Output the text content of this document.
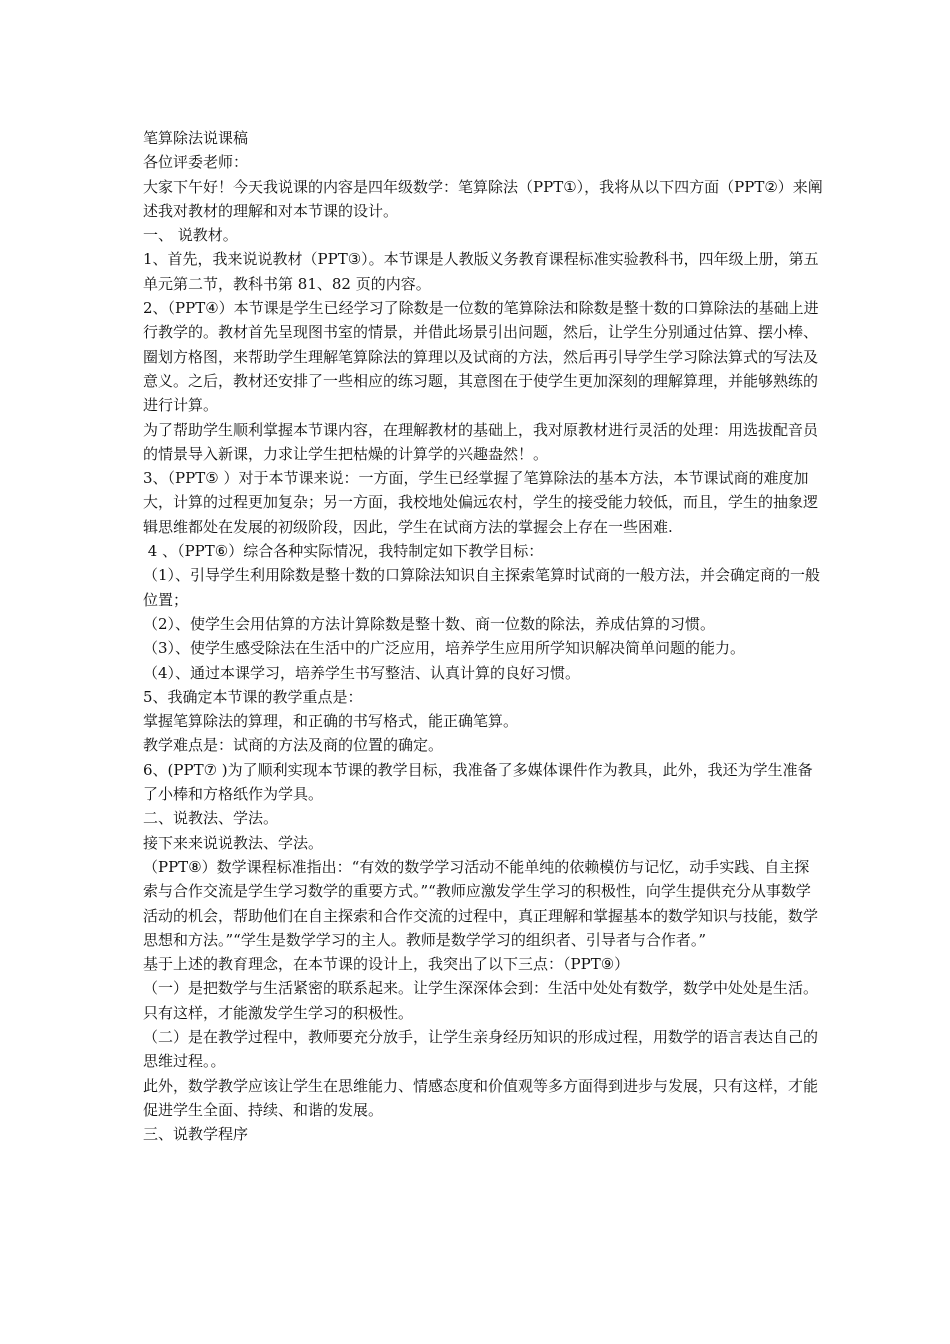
笔算除法说课稿

各位评委老师：

大家下午好！今天我说课的内容是四年级数学：笔算除法（PPT①），我将从以下四方面（PPT②）来阐述我对教材的理解和对本节课的设计。

一、 说教材。

1、首先，我来说说教材（PPT③）。本节课是人教版义务教育课程标准实验教科书，四年级上册，第五单元第二节，教科书第 81、82 页的内容。

2、（PPT④）本节课是学生已经学习了除数是一位数的笔算除法和除数是整十数的口算除法的基础上进行教学的。教材首先呈现图书室的情景，并借此场景引出问题，然后，让学生分别通过估算、摆小棒、圈划方格图，来帮助学生理解笔算除法的算理以及试商的方法，然后再引导学生学习除法算式的写法及意义。之后，教材还安排了一些相应的练习题，其意图在于使学生更加深刻的理解算理，并能够熟练的进行计算。

为了帮助学生顺利掌握本节课内容，在理解教材的基础上，我对原教材进行灵活的处理：用选拔配音员的情景导入新课，力求让学生把枯燥的计算学的兴趣盎然！。

3、（PPT⑤ ）对于本节课来说：一方面，学生已经掌握了笔算除法的基本方法，本节课试商的难度加大，计算的过程更加复杂；另一方面，我校地处偏远农村，学生的接受能力较低，而且，学生的抽象逻辑思维都处在发展的初级阶段，因此，学生在试商方法的掌握会上存在一些困难.

4 、（PPT⑥）综合各种实际情况，我特制定如下教学目标：

（1）、引导学生利用除数是整十数的口算除法知识自主探索笔算时试商的一般方法，并会确定商的一般位置；

（2）、使学生会用估算的方法计算除数是整十数、商一位数的除法，养成估算的习惯。

（3）、使学生感受除法在生活中的广泛应用，培养学生应用所学知识解决简单问题的能力。

（4）、通过本课学习，培养学生书写整洁、认真计算的良好习惯。

5、我确定本节课的教学重点是：

掌握笔算除法的算理，和正确的书写格式，能正确笔算。

教学难点是：试商的方法及商的位置的确定。

6、(PPT⑦ )为了顺利实现本节课的教学目标，我准备了多媒体课件作为教具，此外，我还为学生准备了小棒和方格纸作为学具。

二、说教法、学法。

接下来来说说教法、学法。

（PPT⑧）数学课程标准指出：“有效的数学学习活动不能单纯的依赖模仿与记忆，动手实践、自主探索与合作交流是学生学习数学的重要方式。”“教师应激发学生学习的积极性，向学生提供充分从事数学活动的机会，帮助他们在自主探索和合作交流的过程中，真正理解和掌握基本的数学知识与技能，数学思想和方法。”“学生是数学学习的主人。教师是数学学习的组织者、引导者与合作者。”

基于上述的教育理念，在本节课的设计上，我突出了以下三点：（PPT⑨）

（一）是把数学与生活紧密的联系起来。让学生深深体会到：生活中处处有数学，数学中处处是生活。只有这样，才能激发学生学习的积极性。

（二）是在教学过程中，教师要充分放手，让学生亲身经历知识的形成过程，用数学的语言表达自己的思维过程。。

此外，数学教学应该让学生在思维能力、情感态度和价值观等多方面得到进步与发展，只有这样，才能促进学生全面、持续、和谐的发展。

三、说教学程序
